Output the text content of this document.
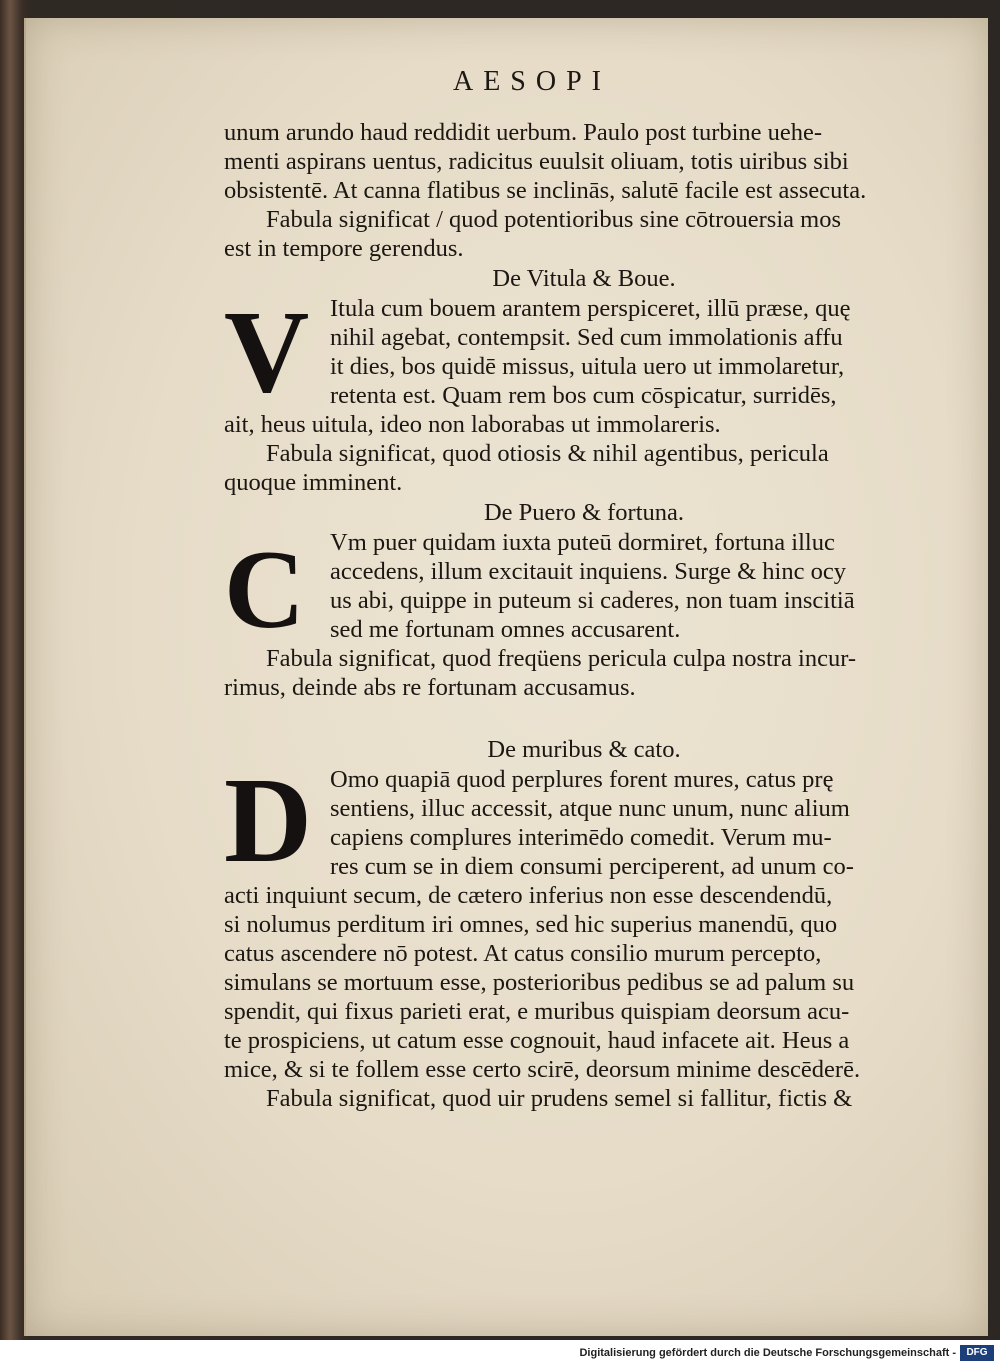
AESOPI
unum arundo haud reddidit uerbum. Paulo post turbine uehe-
menti aspirans uentus, radicitus euulsit oliuam, totis uiribus sibi
obsistentē. At canna flatibus se inclinās, salutē facile est assecuta.
Fabula significat / quod potentioribus sine cōtrouersia mos
est in tempore gerendus.
De Vitula & Boue.
V Itula cum bouem arantem perspiceret, illū præse, quę
nihil agebat, contempsit. Sed cum immolationis affu
it dies, bos quidē missus, uitula uero ut immolaretur,
retenta est. Quam rem bos cum cōspicatur, surridēs,
ait, heus uitula, ideo non laborabas ut immolareris.
Fabula significat, quod otiosis & nihil agentibus, pericula
quoque imminent.
De Puero & fortuna.
C	Vm puer quidam iuxta puteū dormiret, fortuna illuc
accedens, illum excitauit inquiens. Surge & hinc ocy
us abi, quippe in puteum si caderes, non tuam inscitiā
sed me fortunam omnes accusarent.
Fabula significat, quod freqüens pericula culpa nostra incur-
rimus, deinde abs re fortunam accusamus.
De muribus & cato.
D Omo quapiā quod perplures forent mures, catus prę
sentiens, illuc accessit, atque nunc unum, nunc alium
capiens complures interimēdo comedit. Verum mu-
res cum se in diem consumi perciperent, ad unum co-
acti inquiunt secum, de cætero inferius non esse descendendū,
si nolumus perditum iri omnes, sed hic superius manendū, quo
catus ascendere nō potest. At catus consilio murum percepto,
simulans se mortuum esse, posterioribus pedibus se ad palum su
spendit, qui fixus parieti erat, e muribus quispiam deorsum acu-
te prospiciens, ut catum esse cognouit, haud infacete ait. Heus a
mice, & si te follem esse certo scirē, deorsum minime descēderē.
Fabula significat, quod uir prudens semel si fallitur, fictis &
Digitalisierung gefördert durch die Deutsche Forschungsgemeinschaft -	DFG
